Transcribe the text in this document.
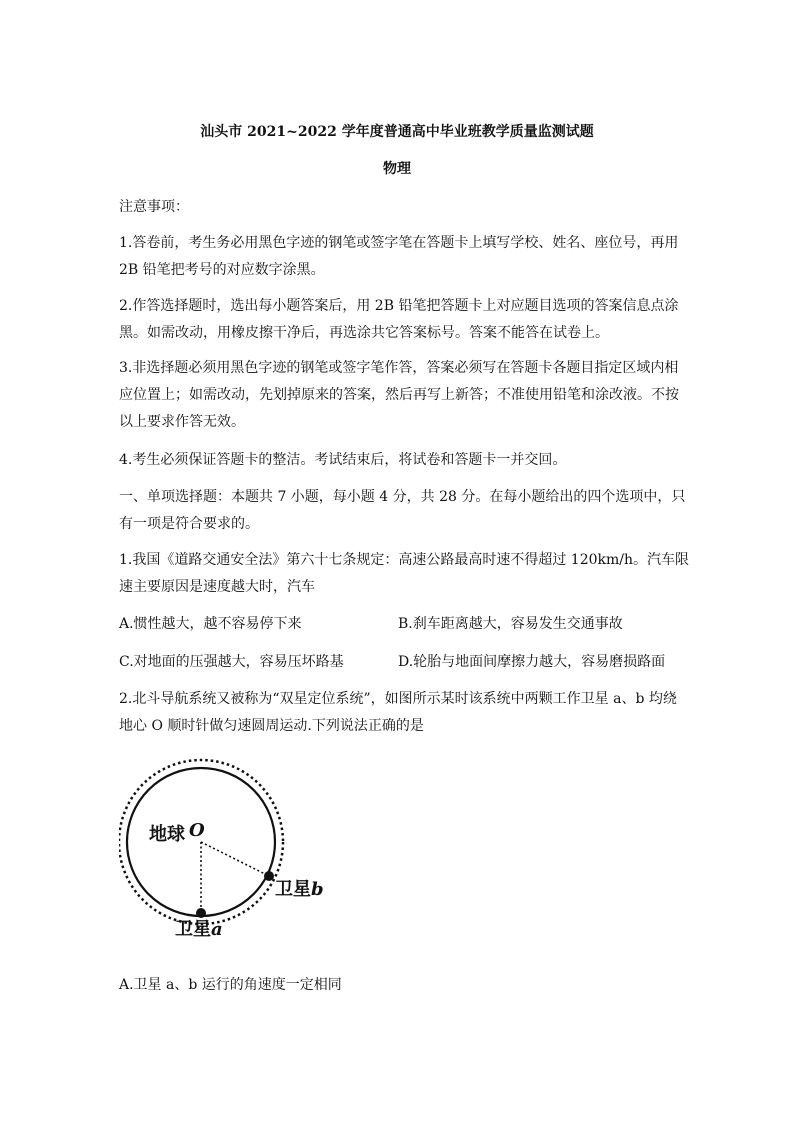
汕头市 2021~2022 学年度普通高中毕业班教学质量监测试题
物理
注意事项：
1.答卷前，考生务必用黑色字迹的钢笔或签字笔在答题卡上填写学校、姓名、座位号，再用
2B 铅笔把考号的对应数字涂黑。
2.作答选择题时，选出每小题答案后，用 2B 铅笔把答题卡上对应题目选项的答案信息点涂
黑。如需改动，用橡皮擦干净后，再选涂共它答案标号。答案不能答在试卷上。
3.非选择题必须用黑色字迹的钢笔或签字笔作答，答案必须写在答题卡各题目指定区域内相
应位置上；如需改动，先划掉原来的答案，然后再写上新答；不准使用铅笔和涂改液。不按
以上要求作答无效。
4.考生必须保证答题卡的整洁。考试结束后，将试卷和答题卡一并交回。
一、单项选择题：本题共 7 小题，每小题 4 分，共 28 分。在每小题给出的四个选项中，只
有一项是符合要求的。
1.我国《道路交通安全法》第六十七条规定：高速公路最高时速不得超过 120km/h。汽车限
速主要原因是速度越大时，汽车
A.惯性越大，越不容易停下来	B.刹车距离越大，容易发生交通事故
C.对地面的压强越大，容易压坏路基	D.轮胎与地面间摩擦力越大，容易磨损路面
2.北斗导航系统又被称为“双星定位系统”，如图所示某时该系统中两颗工作卫星 a、b 均绕
地心 O 顺时针做匀速圆周运动.下列说法正确的是
地球 O
卫星a
卫星b
A.卫星 a、b 运行的角速度一定相同
